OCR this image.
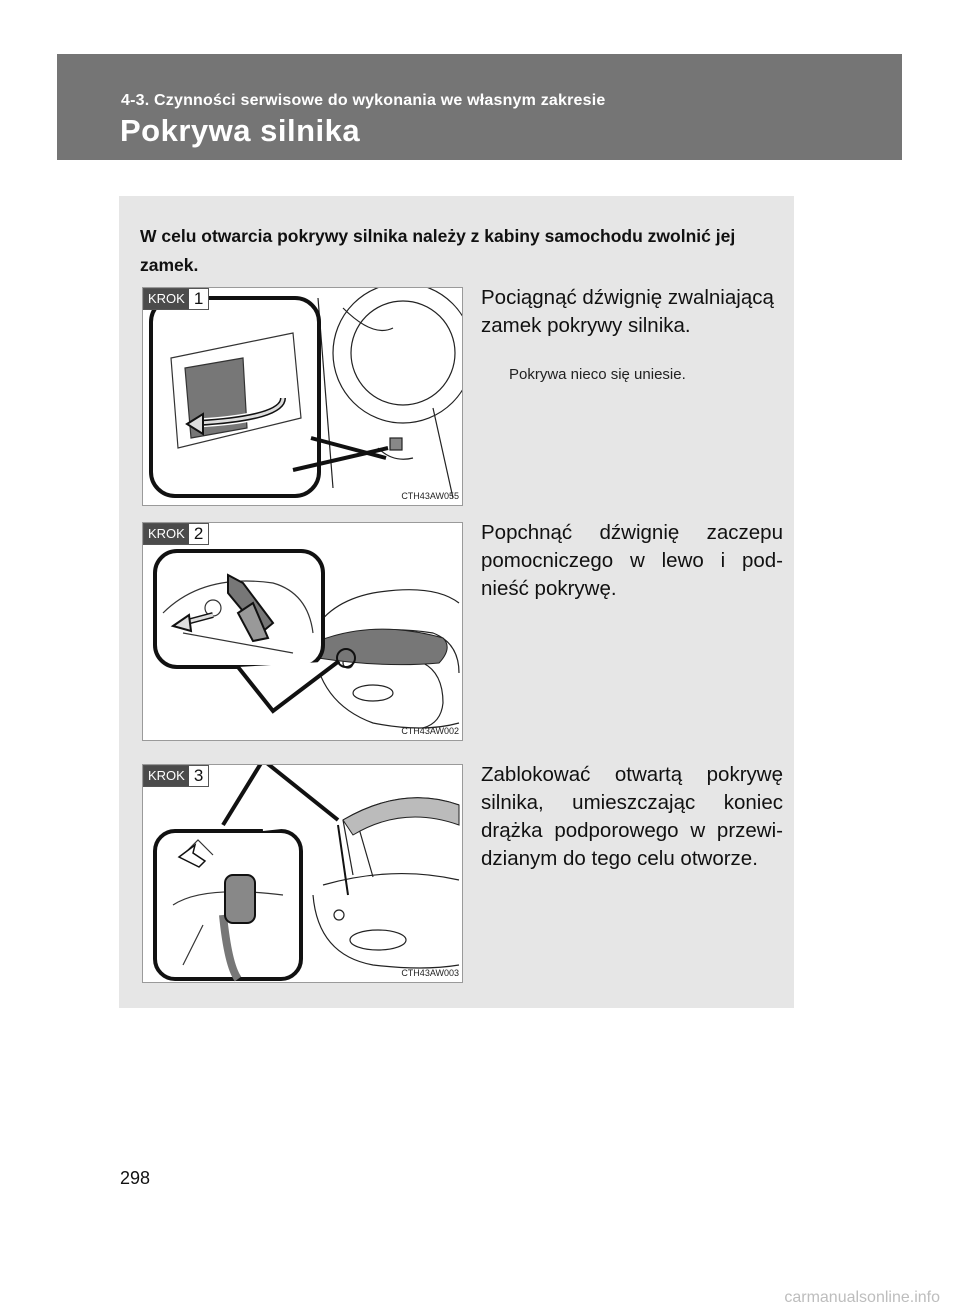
4-3. Czynności serwisowe do wykonania we własnym zakresie
Pokrywa silnika
W celu otwarcia pokrywy silnika należy z kabiny samochodu zwolnić jej zamek.
KROK 1
CTH43AW055
Pociągnąć dźwignię zwalniającą zamek pokrywy silnika.
Pokrywa nieco się uniesie.
KROK 2
CTH43AW002
Popchnąć dźwignię zaczepu pomocniczego w lewo i pod-nieść pokrywę.
KROK 3
CTH43AW003
Zablokować otwartą pokrywę silnika, umieszczając koniec drążka podporowego w przewi-dzianym do tego celu otworze.
298
carmanualsonline.info
